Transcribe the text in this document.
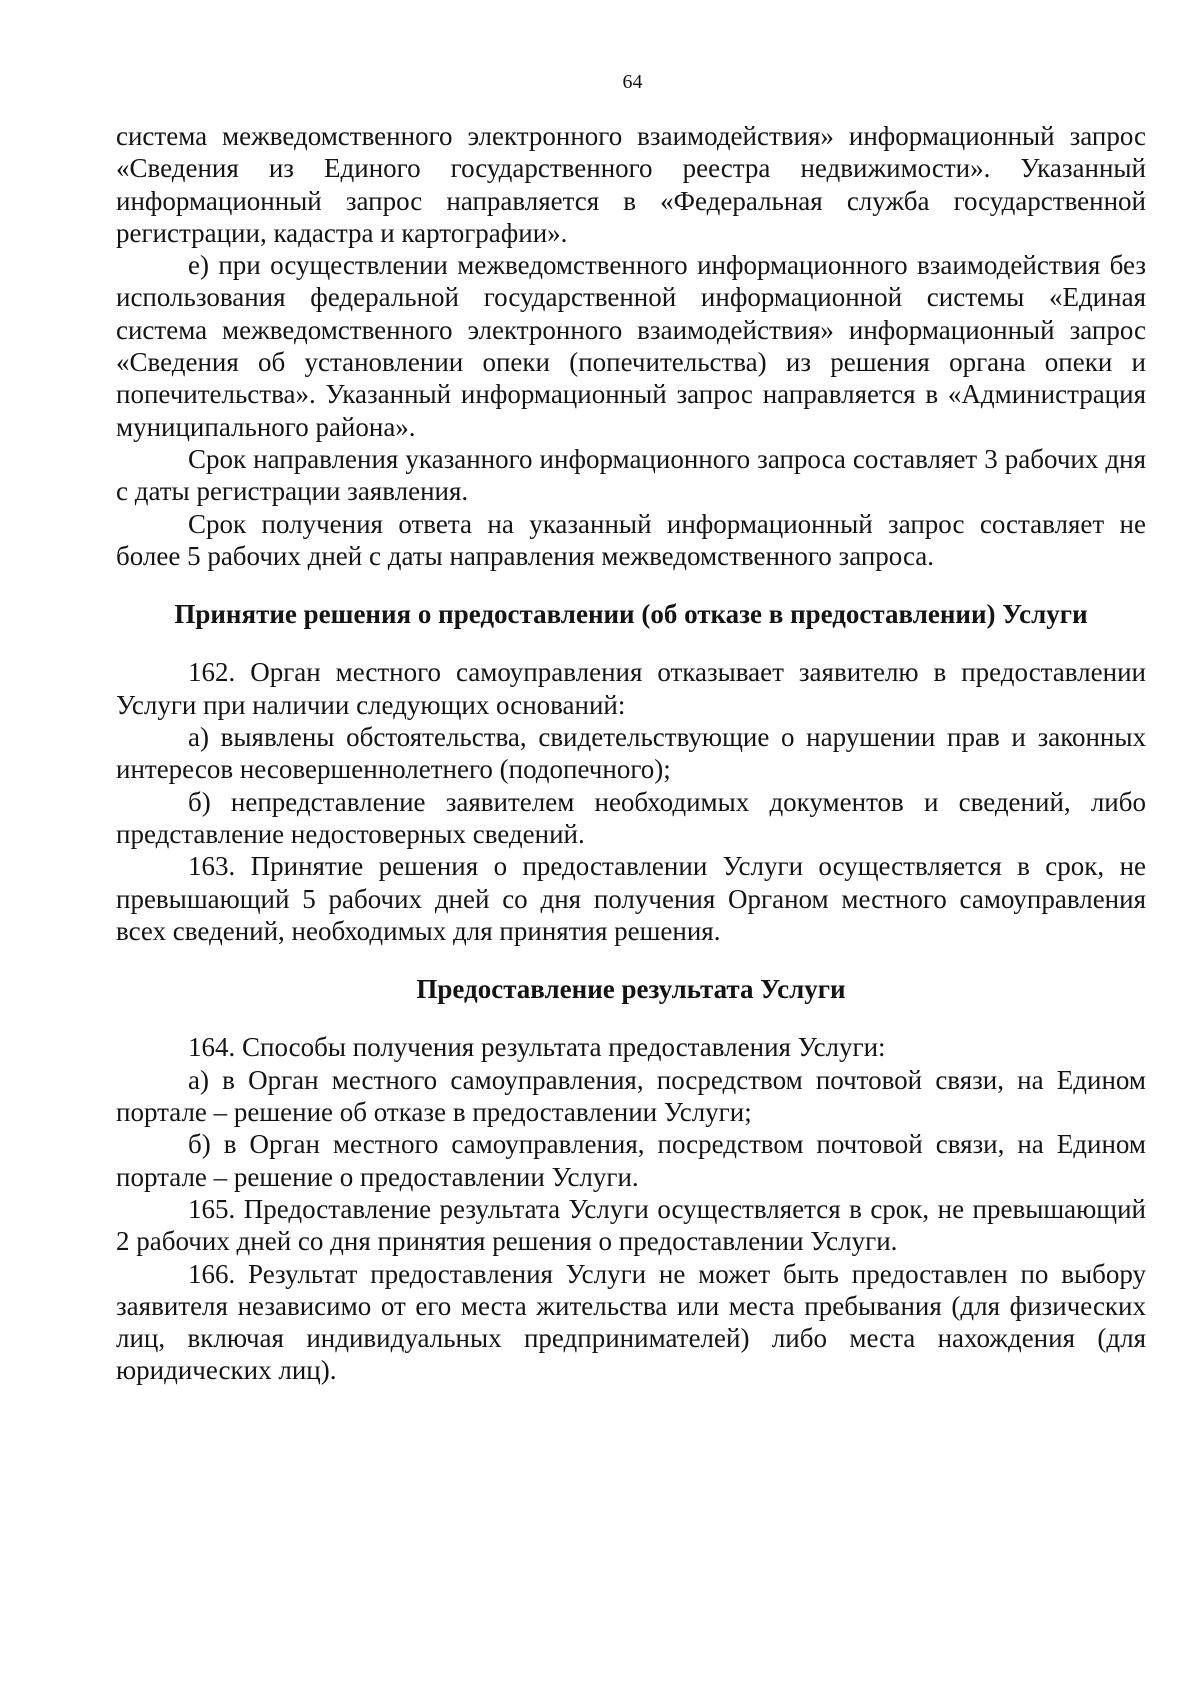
64

система межведомственного электронного взаимодействия» информационный запрос «Сведения из Единого государственного реестра недвижимости». Указанный информационный запрос направляется в «Федеральная служба государственной регистрации, кадастра и картографии».

е) при осуществлении межведомственного информационного взаимодействия без использования федеральной государственной информационной системы «Единая система межведомственного электронного взаимодействия» информационный запрос «Сведения об установлении опеки (попечительства) из решения органа опеки и попечительства». Указанный информационный запрос направляется в «Администрация муниципального района».

Срок направления указанного информационного запроса составляет 3 рабочих дня с даты регистрации заявления.

Срок получения ответа на указанный информационный запрос составляет не более 5 рабочих дней с даты направления межведомственного запроса.

Принятие решения о предоставлении (об отказе в предоставлении) Услуги

162. Орган местного самоуправления отказывает заявителю в предоставлении Услуги при наличии следующих оснований:

а) выявлены обстоятельства, свидетельствующие о нарушении прав и законных интересов несовершеннолетнего (подопечного);

б) непредставление заявителем необходимых документов и сведений, либо представление недостоверных сведений.

163. Принятие решения о предоставлении Услуги осуществляется в срок, не превышающий 5 рабочих дней со дня получения Органом местного самоуправления всех сведений, необходимых для принятия решения.

Предоставление результата Услуги

164. Способы получения результата предоставления Услуги:

а) в Орган местного самоуправления, посредством почтовой связи, на Едином портале – решение об отказе в предоставлении Услуги;

б) в Орган местного самоуправления, посредством почтовой связи, на Едином портале – решение о предоставлении Услуги.

165. Предоставление результата Услуги осуществляется в срок, не превышающий 2 рабочих дней со дня принятия решения о предоставлении Услуги.

166. Результат предоставления Услуги не может быть предоставлен по выбору заявителя независимо от его места жительства или места пребывания (для физических лиц, включая индивидуальных предпринимателей) либо места нахождения (для юридических лиц).
